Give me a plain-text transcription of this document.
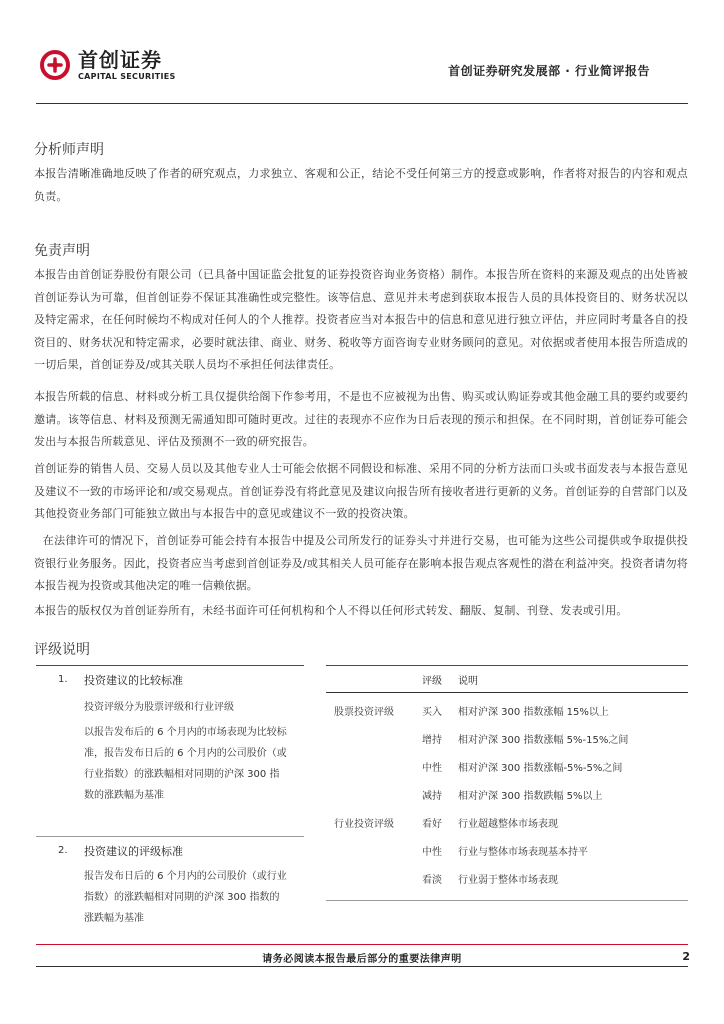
首创证券
CAPITAL SECURITIES	首创证券研究发展部 · 行业简评报告
分析师声明
本报告清晰准确地反映了作者的研究观点，力求独立、客观和公正，结论不受任何第三方的授意或影响，作者将对报告的内容和观点负责。
免责声明
本报告由首创证券股份有限公司（已具备中国证监会批复的证券投资咨询业务资格）制作。本报告所在资料的来源及观点的出处皆被首创证券认为可靠，但首创证券不保证其准确性或完整性。该等信息、意见并未考虑到获取本报告人员的具体投资目的、财务状况以及特定需求，在任何时候均不构成对任何人的个人推荐。投资者应当对本报告中的信息和意见进行独立评估，并应同时考量各自的投资目的、财务状况和特定需求，必要时就法律、商业、财务、税收等方面咨询专业财务顾问的意见。对依据或者使用本报告所造成的一切后果，首创证券及/或其关联人员均不承担任何法律责任。
本报告所载的信息、材料或分析工具仅提供给阁下作参考用，不是也不应被视为出售、购买或认购证券或其他金融工具的要约或要约邀请。该等信息、材料及预测无需通知即可随时更改。过往的表现亦不应作为日后表现的预示和担保。在不同时期，首创证券可能会发出与本报告所载意见、评估及预测不一致的研究报告。
首创证券的销售人员、交易人员以及其他专业人士可能会依据不同假设和标准、采用不同的分析方法而口头或书面发表与本报告意见及建议不一致的市场评论和/或交易观点。首创证券没有将此意见及建议向报告所有接收者进行更新的义务。首创证券的自营部门以及其他投资业务部门可能独立做出与本报告中的意见或建议不一致的投资决策。
在法律许可的情况下，首创证券可能会持有本报告中提及公司所发行的证券头寸并进行交易，也可能为这些公司提供或争取提供投资银行业务服务。因此，投资者应当考虑到首创证券及/或其相关人员可能存在影响本报告观点客观性的潜在利益冲突。投资者请勿将本报告视为投资或其他决定的唯一信赖依据。
本报告的版权仅为首创证券所有，未经书面许可任何机构和个人不得以任何形式转发、翻版、复制、刊登、发表或引用。
评级说明
1. 投资建议的比较标准
投资评级分为股票评级和行业评级
以报告发布后的 6 个月内的市场表现为比较标准，报告发布日后的 6 个月内的公司股价（或行业指数）的涨跌幅相对同期的沪深 300 指数的涨跌幅为基准
2. 投资建议的评级标准
报告发布日后的 6 个月内的公司股价（或行业指数）的涨跌幅相对同期的沪深 300 指数的涨跌幅为基准
评级 说明
股票投资评级	买入 相对沪深 300 指数涨幅 15%以上
增持 相对沪深 300 指数涨幅 5%-15%之间
中性 相对沪深 300 指数涨幅-5%-5%之间
减持 相对沪深 300 指数跌幅 5%以上
行业投资评级	看好 行业超越整体市场表现
中性 行业与整体市场表现基本持平
看淡 行业弱于整体市场表现
请务必阅读本报告最后部分的重要法律声明	2
